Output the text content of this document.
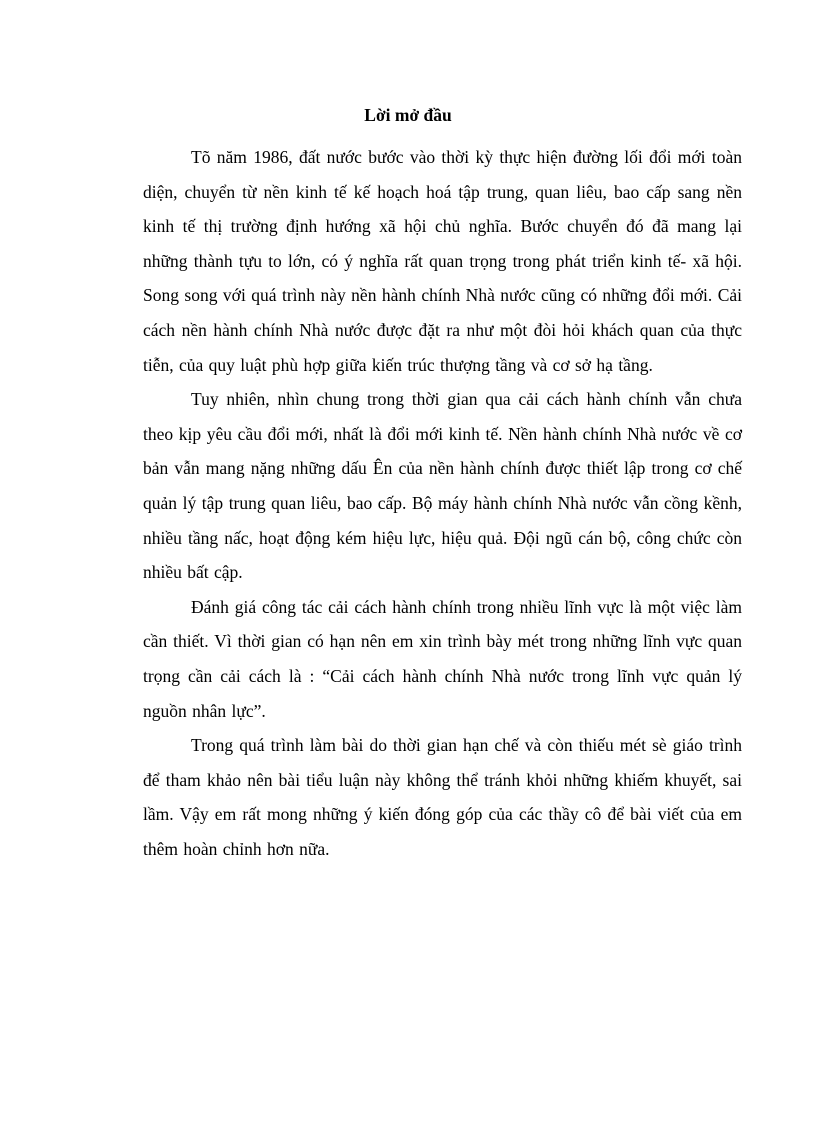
Lời mở đầu

Tõ năm 1986, đất nước bước vào thời kỳ thực hiện đường lối đổi mới toàn diện, chuyển từ nền kinh tế kế hoạch hoá tập trung, quan liêu, bao cấp sang nền kinh tế thị trường định hướng xã hội chủ nghĩa. Bước chuyển đó đã mang lại những thành tựu to lớn, có ý nghĩa rất quan trọng trong phát triển kinh tế- xã hội. Song song với quá trình này nền hành chính Nhà nước cũng có những đổi mới. Cải cách nền hành chính Nhà nước được đặt ra như một đòi hỏi khách quan của thực tiễn, của quy luật phù hợp giữa kiến trúc thượng tầng và cơ sở hạ tầng.

Tuy nhiên, nhìn chung trong thời gian qua cải cách hành chính vẫn chưa theo kịp yêu cầu đổi mới, nhất là đổi mới kinh tế. Nền hành chính Nhà nước về cơ bản vẫn mang nặng những dấu Ên của nền hành chính được thiết lập trong cơ chế quản lý tập trung quan liêu, bao cấp. Bộ máy hành chính Nhà nước vẫn cồng kềnh, nhiều tầng nấc, hoạt động kém hiệu lực, hiệu quả. Đội ngũ cán bộ, công chức còn nhiều bất cập.

Đánh giá công tác cải cách hành chính trong nhiều lĩnh vực là một việc làm cần thiết. Vì thời gian có hạn nên em xin trình bày mét trong những lĩnh vực quan trọng cần cải cách là : “Cải cách hành chính Nhà nước trong lĩnh vực quản lý nguồn nhân lực”.

Trong quá trình làm bài do thời gian hạn chế và còn thiếu mét sè giáo trình để tham khảo nên bài tiểu luận này không thể tránh khỏi những khiếm khuyết, sai lầm. Vậy em rất mong những ý kiến đóng góp của các thầy cô để bài viết của em thêm hoàn chỉnh hơn nữa.
